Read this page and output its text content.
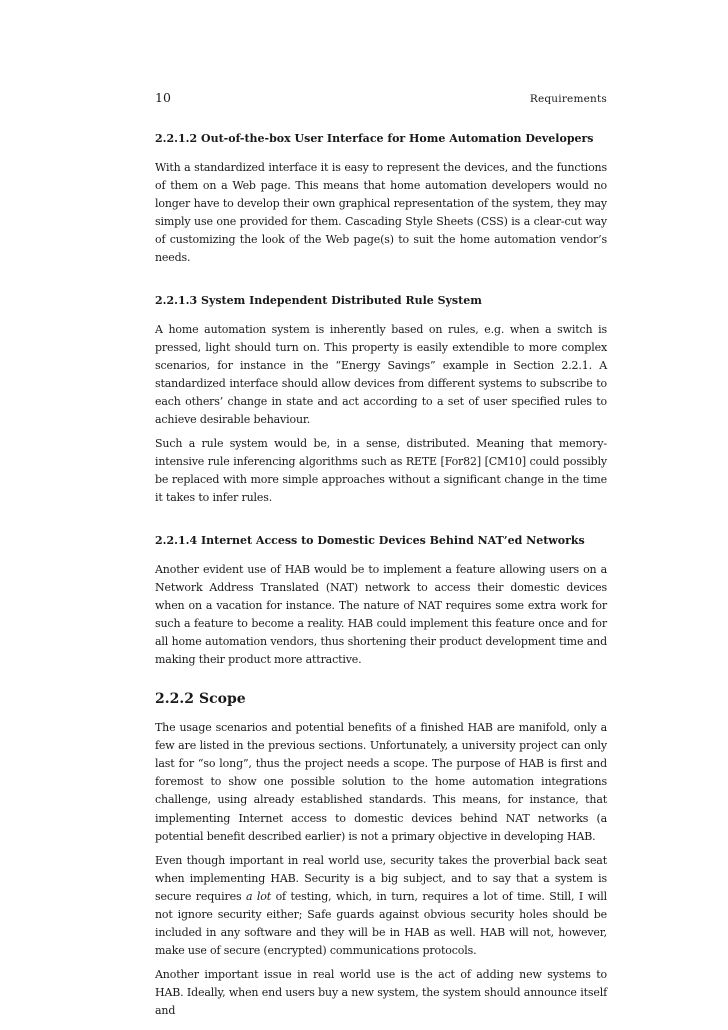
10	Requirements
2.2.1.2 Out-of-the-box User Interface for Home Automation Developers

With a standardized interface it is easy to represent the devices, and the functions of them on a Web page. This means that home automation developers would no longer have to develop their own graphical representation of the system, they may simply use one provided for them. Cascading Style Sheets (CSS) is a clear-cut way of customizing the look of the Web page(s) to suit the home automation vendor’s needs.

2.2.1.3 System Independent Distributed Rule System

A home automation system is inherently based on rules, e.g. when a switch is pressed, light should turn on. This property is easily extendible to more complex scenarios, for instance in the “Energy Savings” example in Section 2.2.1. A standardized interface should allow devices from different systems to subscribe to each others’ change in state and act according to a set of user specified rules to achieve desirable behaviour.

Such a rule system would be, in a sense, distributed. Meaning that memory-intensive rule inferencing algorithms such as RETE [For82] [CM10] could possibly be replaced with more simple approaches without a significant change in the time it takes to infer rules.

2.2.1.4 Internet Access to Domestic Devices Behind NAT’ed Networks

Another evident use of HAB would be to implement a feature allowing users on a Network Address Translated (NAT) network to access their domestic devices when on a vacation for instance. The nature of NAT requires some extra work for such a feature to become a reality. HAB could implement this feature once and for all home automation vendors, thus shortening their product development time and making their product more attractive.

2.2.2 Scope

The usage scenarios and potential benefits of a finished HAB are manifold, only a few are listed in the previous sections. Unfortunately, a university project can only last for “so long”, thus the project needs a scope. The purpose of HAB is first and foremost to show one possible solution to the home automation integrations challenge, using already established standards. This means, for instance, that implementing Internet access to domestic devices behind NAT networks (a potential benefit described earlier) is not a primary objective in developing HAB.

Even though important in real world use, security takes the proverbial back seat when implementing HAB. Security is a big subject, and to say that a system is secure requires a lot of testing, which, in turn, requires a lot of time. Still, I will not ignore security either; Safe guards against obvious security holes should be included in any software and they will be in HAB as well. HAB will not, however, make use of secure (encrypted) communications protocols.

Another important issue in real world use is the act of adding new systems to HAB. Ideally, when end users buy a new system, the system should announce itself and
